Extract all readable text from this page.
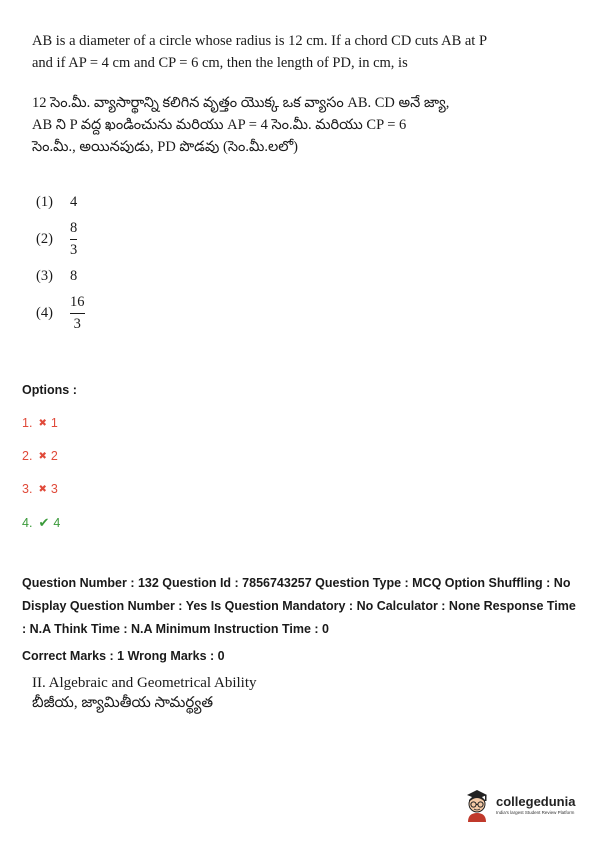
AB is a diameter of a circle whose radius is 12 cm. If a chord CD cuts AB at P
and if AP = 4 cm and CP = 6 cm, then the length of PD, in cm, is
12 సెం.మీ. వ్యాసార్థాన్ని కలిగిన వృత్తం యొక్క ఒక వ్యాసం AB. CD అనే జ్యా,
AB ని P వద్ద ఖండించును మరియు AP = 4 సెం.మీ. మరియు CP = 6
సెం.మీ., అయినపుడు, PD పొడవు (సెం.మీ.లలో)
(1)	4
(2)	$\frac{8}{3}$
(3)	8
(4)	$\frac{16}{3}$
Options :
1. ✖ 1
2. ✖ 2
3. ✖ 3
4. ✔ 4
Question Number : 132 Question Id : 7856743257 Question Type : MCQ Option Shuffling : No
Display Question Number : Yes Is Question Mandatory : No Calculator : None Response Time
: N.A Think Time : N.A Minimum Instruction Time : 0
Correct Marks : 1 Wrong Marks : 0
II. Algebraic and Geometrical Ability
బీజీయ, జ్యామితీయ సామర్థ్యత
collegedunia
India's largest Student Review Platform
